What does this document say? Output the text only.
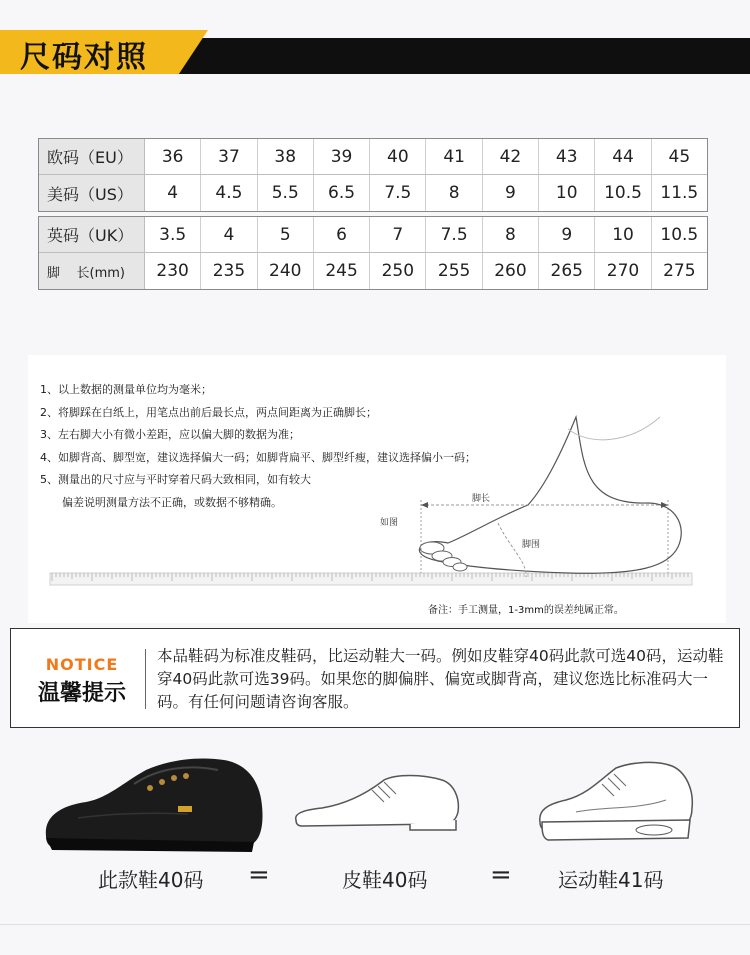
尺码对照
欧码（EU）	36	37	38	39	40	41	42	43	44	45
美码（US）	4	4.5	5.5	6.5	7.5	8	9	10	10.5	11.5
英码（UK）	3.5	4	5	6	7	7.5	8	9	10	10.5
脚    长(mm)	230	235	240	245	250	255	260	265	270	275
1、以上数据的测量单位均为毫米；
2、将脚踩在白纸上，用笔点出前后最长点，两点间距离为正确脚长；
3、左右脚大小有微小差距，应以偏大脚的数据为准；
4、如脚背高、脚型宽，建议选择偏大一码；如脚背扁平、脚型纤瘦，建议选择偏小一码；
5、测量出的尺寸应与平时穿着尺码大致相同，如有较大
偏差说明测量方法不正确，或数据不够精确。	脚长
如图
脚围
备注：手工测量，1-3mm的误差纯属正常。
NOTICE
温馨提示
本品鞋码为标准皮鞋码，比运动鞋大一码。例如皮鞋穿40码此款可选40码，运动鞋穿40码此款可选39码。如果您的脚偏胖、偏宽或脚背高，建议您选比标准码大一码。有任何问题请咨询客服。
此款鞋40码 =	皮鞋40码 = 运动鞋41码
